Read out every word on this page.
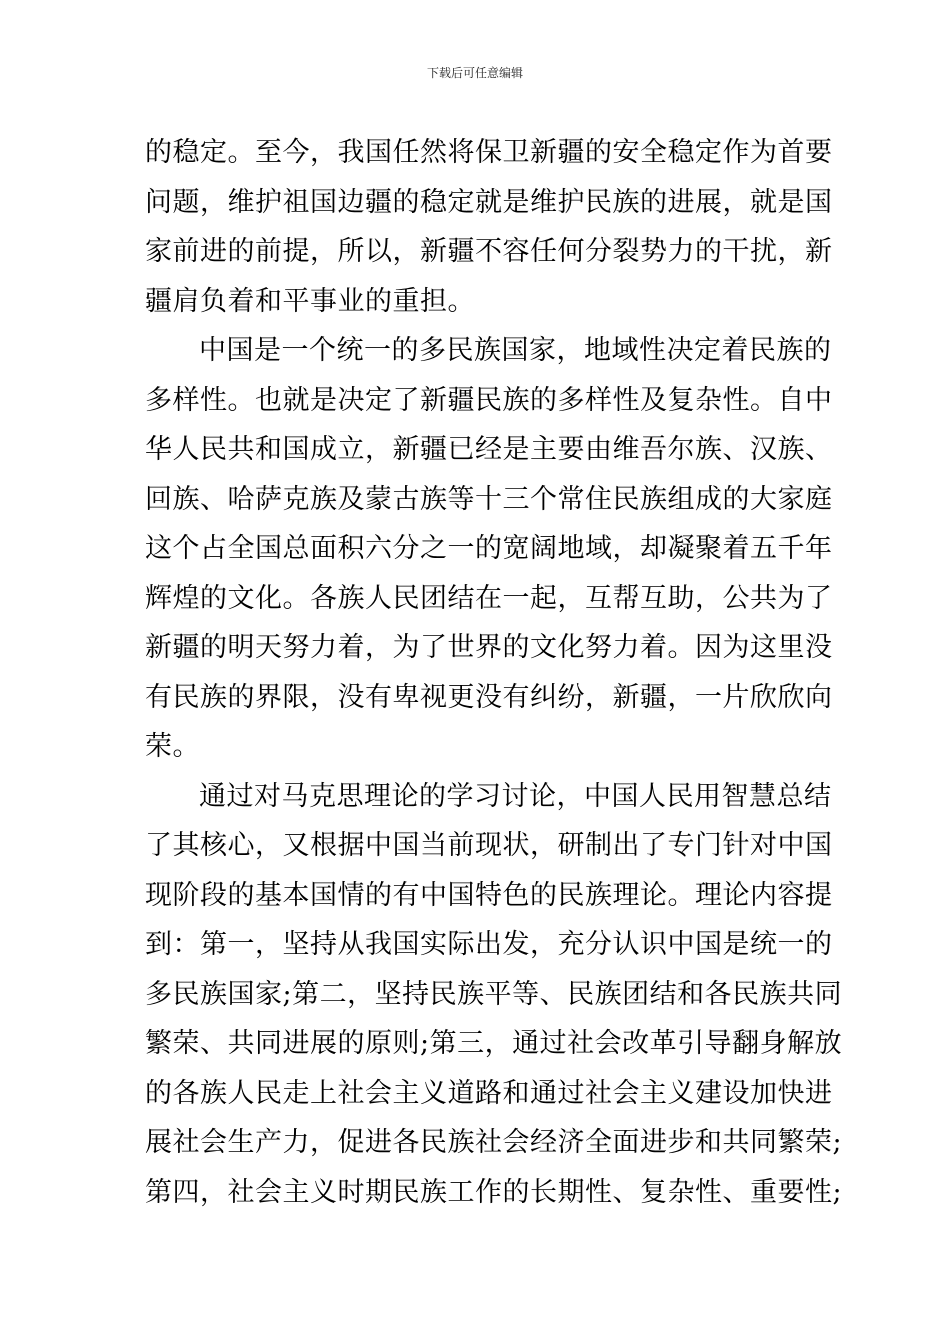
下载后可任意编辑
的稳定。至今，我国任然将保卫新疆的安全稳定作为首要
问题，维护祖国边疆的稳定就是维护民族的进展，就是国
家前进的前提，所以，新疆不容任何分裂势力的干扰，新
疆肩负着和平事业的重担。
中国是一个统一的多民族国家，地域性决定着民族的
多样性。也就是决定了新疆民族的多样性及复杂性。自中
华人民共和国成立，新疆已经是主要由维吾尔族、汉族、
回族、哈萨克族及蒙古族等十三个常住民族组成的大家庭
这个占全国总面积六分之一的宽阔地域，却凝聚着五千年
辉煌的文化。各族人民团结在一起，互帮互助，公共为了
新疆的明天努力着，为了世界的文化努力着。因为这里没
有民族的界限，没有卑视更没有纠纷，新疆，一片欣欣向
荣。
通过对马克思理论的学习讨论，中国人民用智慧总结
了其核心，又根据中国当前现状，研制出了专门针对中国
现阶段的基本国情的有中国特色的民族理论。理论内容提
到：第一，坚持从我国实际出发，充分认识中国是统一的
多民族国家;第二，坚持民族平等、民族团结和各民族共同
繁荣、共同进展的原则;第三，通过社会改革引导翻身解放
的各族人民走上社会主义道路和通过社会主义建设加快进
展社会生产力，促进各民族社会经济全面进步和共同繁荣;
第四，社会主义时期民族工作的长期性、复杂性、重要性;
